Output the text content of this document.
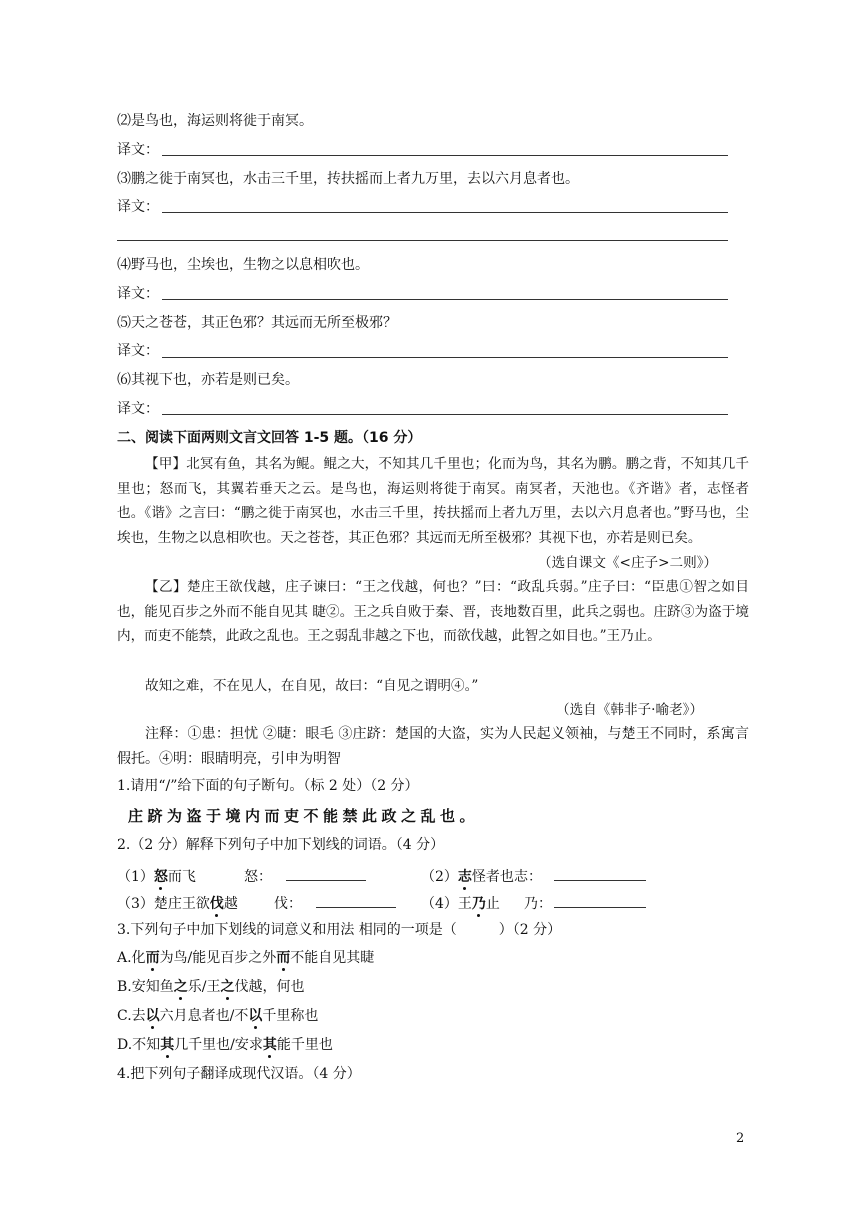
⑵是鸟也，海运则将徙于南冥。
译文：
⑶鹏之徙于南冥也，水击三千里，抟扶摇而上者九万里，去以六月息者也。
译文：
⑷野马也，尘埃也，生物之以息相吹也。
译文：
⑸天之苍苍，其正色邪？其远而无所至极邪？
译文：
⑹其视下也，亦若是则已矣。
译文：
二、阅读下面两则文言文回答 1-5 题。（16 分）
【甲】北冥有鱼，其名为鲲。鲲之大，不知其几千里也；化而为鸟，其名为鹏。鹏之背，不知其几千里也；怒而飞，其翼若垂天之云。是鸟也，海运则将徙于南冥。南冥者，天池也。《齐谐》者，志怪者也。《谐》之言曰：“鹏之徙于南冥也，水击三千里，抟扶摇而上者九万里，去以六月息者也。”野马也，尘埃也，生物之以息相吹也。天之苍苍，其正色邪？其远而无所至极邪？其视下也，亦若是则已矣。
（选自课文《<庄子>二则》）
【乙】楚庄王欲伐越，庄子谏曰：“王之伐越，何也？”曰：“政乱兵弱。”庄子曰：“臣患①智之如目也，能见百步之外而不能自见其 睫②。王之兵自败于秦、晋，丧地数百里，此兵之弱也。庄跻③为盗于境内，而吏不能禁，此政之乱也。王之弱乱非越之下也，而欲伐越，此智之如目也。”王乃止。
故知之难，不在见人，在自见，故曰：“自见之谓明④。”
（选自《韩非子·喻老》）
注释：①患：担忧 ②睫：眼毛 ③庄跻：楚国的大盗，实为人民起义领袖，与楚王不同时，系寓言假托。④明：眼睛明亮，引申为明智
1.请用“/”给下面的句子断句。（标 2 处）（2 分）
庄跻为盗于境内而吏不能禁此政之乱也。
2.（2 分）解释下列句子中加下划线的词语。（4 分）
（1）怒而飞	怒：	（2）志怪者也 志：
（3）楚庄王欲伐越	伐：	（4）王乃止 乃：
3.下列句子中加下划线的词意义和用法 相同的一项是（　　　）（2 分）
A.化而为鸟/能见百步之外而不能自见其睫
B.安知鱼之乐/王之伐越，何也
C.去以六月息者也/不以千里称也
D.不知其几千里也/安求其能千里也
4.把下列句子翻译成现代汉语。（4 分）
2
